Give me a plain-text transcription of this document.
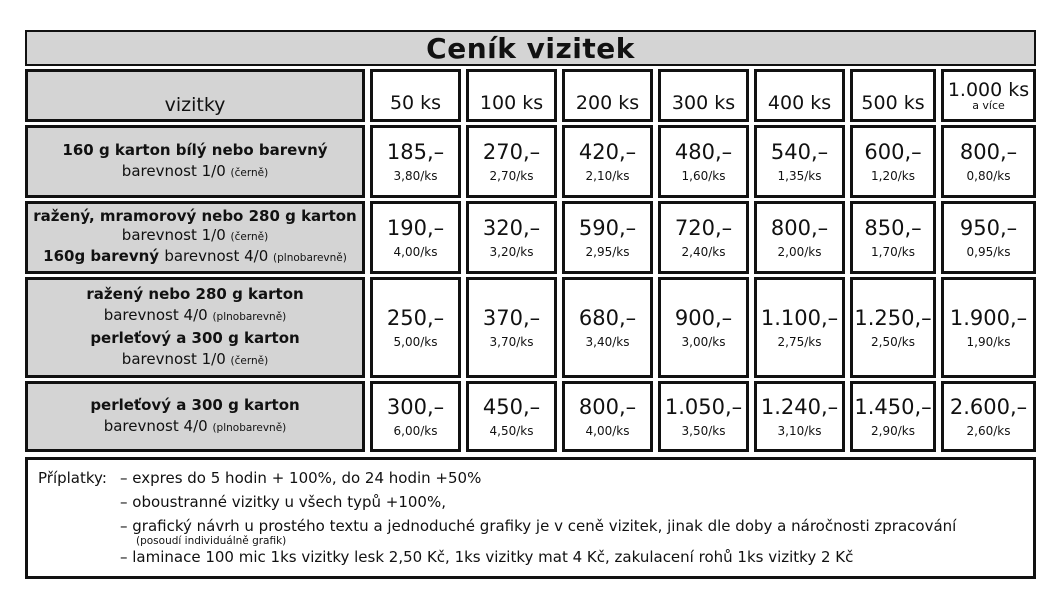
Ceník vizitek
vizitky	50 ks 100 ks 200 ks 300 ks 400 ks 500 ks
1.000 ks
a více
160 g karton bílý nebo barevný
barevnost 1/0 (černě)
185,–
3,80/ks
270,–
2,70/ks
420,–
2,10/ks
480,–
1,60/ks
540,–
1,35/ks
600,–
1,20/ks
800,–
0,80/ks
ražený, mramorový nebo 280 g karton
barevnost 1/0 (černě)
160g barevný barevnost 4/0 (plnobarevně)
190,–
4,00/ks
320,–
3,20/ks
590,–
2,95/ks
720,–
2,40/ks
800,–
2,00/ks
850,–
1,70/ks
950,–
0,95/ks
ražený nebo 280 g karton
barevnost 4/0 (plnobarevně)
perleťový a 300 g karton
barevnost 1/0 (černě)
250,–
5,00/ks
370,–
3,70/ks
680,–
3,40/ks
900,–
3,00/ks
1.100,–
2,75/ks
1.250,–
2,50/ks
1.900,–
1,90/ks
perleťový a 300 g karton
barevnost 4/0 (plnobarevně)
300,–
6,00/ks
450,–
4,50/ks
800,–
4,00/ks
1.050,–
3,50/ks
1.240,–
3,10/ks
1.450,–
2,90/ks
2.600,–
2,60/ks
Příplatky: – expres do 5 hodin + 100%, do 24 hodin +50%
– oboustranné vizitky u všech typů +100%,
– grafický návrh u prostého textu a jednoduché grafiky je v ceně vizitek, jinak dle doby a náročnosti zpracování
(posoudí individuálně grafik)
– laminace 100 mic 1ks vizitky lesk 2,50 Kč, 1ks vizitky mat 4 Kč, zakulacení rohů 1ks vizitky 2 Kč
